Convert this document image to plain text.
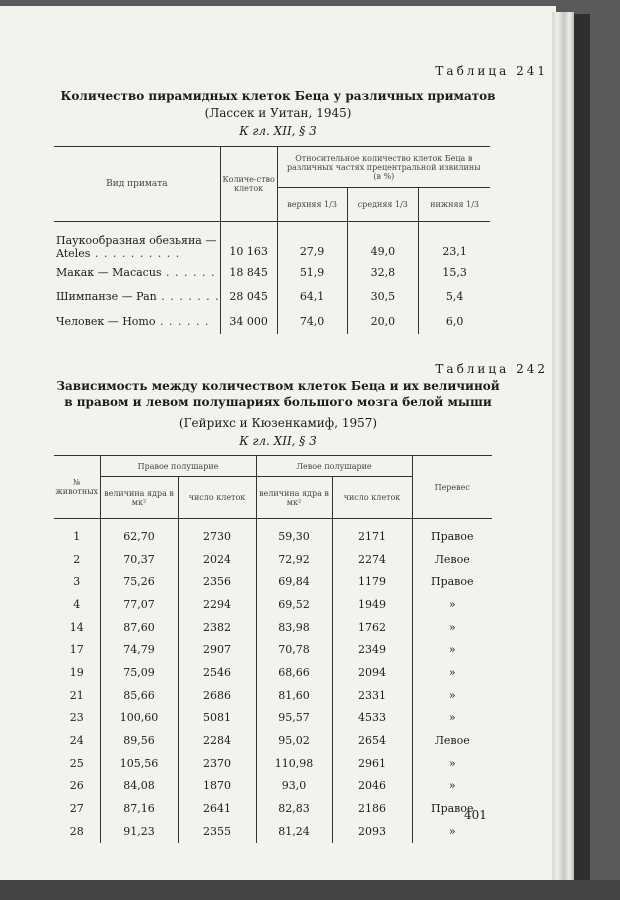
Таблица 241
Количество пирамидных клеток Беца у различных приматов
(Лассек и Уитан, 1945)
К гл. XII, § 3
Вид примата	Количе-ство клеток	Относительное количество клеток Беца в различных частях прецентральной извилины (в %)		
		верхняя 1/3	средняя 1/3	нижняя 1/3

Паукообразная обезьяна —
Ateles . . . . . . . . . .	10 163	27,9	49,0	23,1
Макак — Macacus . . . . . .	18 845	51,9	32,8	15,3
Шимпанзе — Pan . . . . . . .	28 045	64,1	30,5	5,4
Человек — Homo . . . . . .	34 000	74,0	20,0	6,0
Таблица 242
Зависимость между количеством клеток Беца и их величиной
в правом и левом полушариях большого мозга белой мыши
(Гейрихс и Кюзенкамиф, 1957)
К гл. XII, § 3
№ животных	Правое полушарие		Левое полушарие		Перевес
	величина ядра в мк²	число клеток	величина ядра в мк²	число клеток	
1	62,70	2730	59,30	2171	Правое
2	70,37	2024	72,92	2274	Левое
3	75,26	2356	69,84	1179	Правое
4	77,07	2294	69,52	1949	»
14	87,60	2382	83,98	1762	»
17	74,79	2907	70,78	2349	»
19	75,09	2546	68,66	2094	»
21	85,66	2686	81,60	2331	»
23	100,60	5081	95,57	4533	»
24	89,56	2284	95,02	2654	Левое
25	105,56	2370	110,98	2961	»
26	84,08	1870	93,0	2046	»
27	87,16	2641	82,83	2186	Правое
28	91,23	2355	81,24	2093	»
401
